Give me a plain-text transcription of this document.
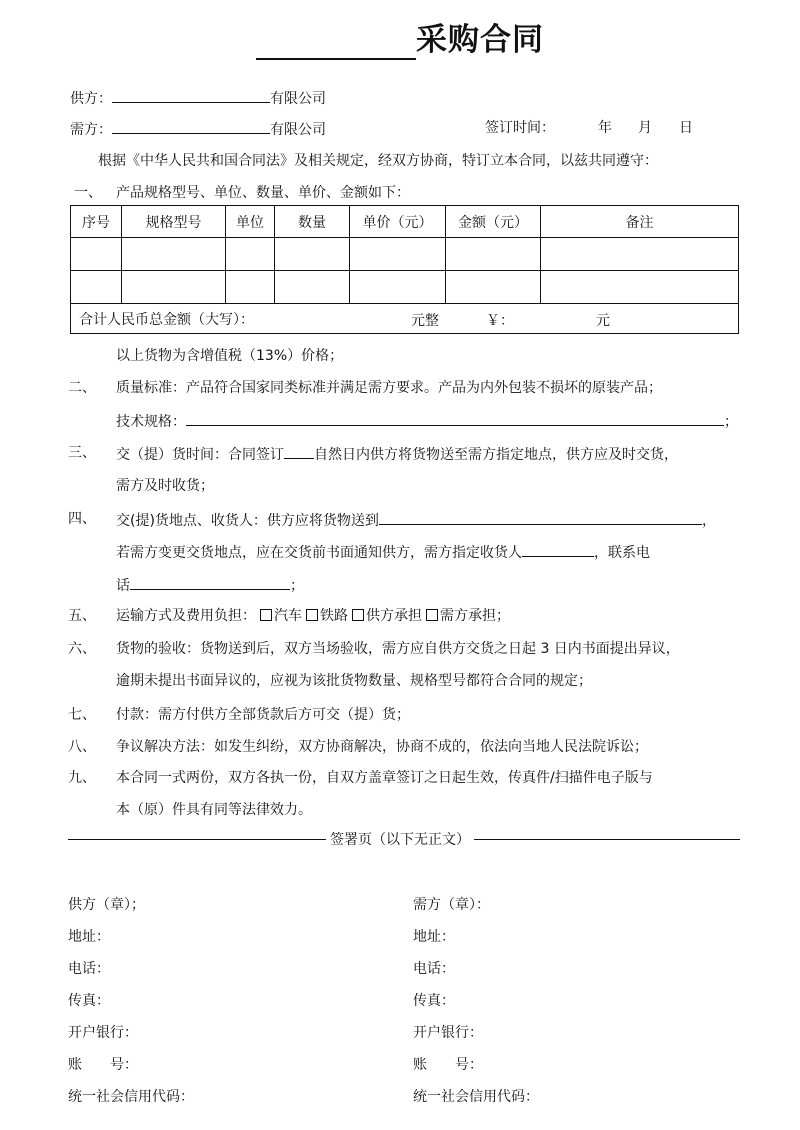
采购合同
供方：	有限公司
需方：	有限公司	签订时间：	年 月 日
根据《中华人民共和国合同法》及相关规定，经双方协商，特订立本合同，以兹共同遵守：
一、 产品规格型号、单位、数量、单价、金额如下：
序号	规格型号	单位	数量	单价（元）	金额（元）	备注

合计人民币总金额（大写）： 元整 ￥： 元						
以上货物为含增值税（13%）价格；
二、 质量标准：产品符合国家同类标准并满足需方要求。产品为内外包装不损坏的原装产品；
技术规格：	；
三、 交（提）货时间：合同签订 自然日内供方将货物送至需方指定地点，供方应及时交货，
需方及时收货；
四、 交(提)货地点、收货人：供方应将货物送到	，
若需方变更交货地点，应在交货前书面通知供方，需方指定收货人	，联系电
话	；
五、 运输方式及费用负担： 汽车 铁路 供方承担 需方承担；
六、 货物的验收：货物送到后，双方当场验收，需方应自供方交货之日起 3 日内书面提出异议，
逾期未提出书面异议的，应视为该批货物数量、规格型号都符合合同的规定；
七、 付款：需方付供方全部货款后方可交（提）货；
八、 争议解决方法：如发生纠纷，双方协商解决，协商不成的，依法向当地人民法院诉讼；
九、 本合同一式两份，双方各执一份，自双方盖章签订之日起生效，传真件/扫描件电子版与
本（原）件具有同等法律效力。
签署页（以下无正文）
供方（章）；
地址：
电话：
传真：
开户银行：
账　　号：
统一社会信用代码：
需方（章）：
地址：
电话：
传真：
开户银行：
账　　号：
统一社会信用代码：
